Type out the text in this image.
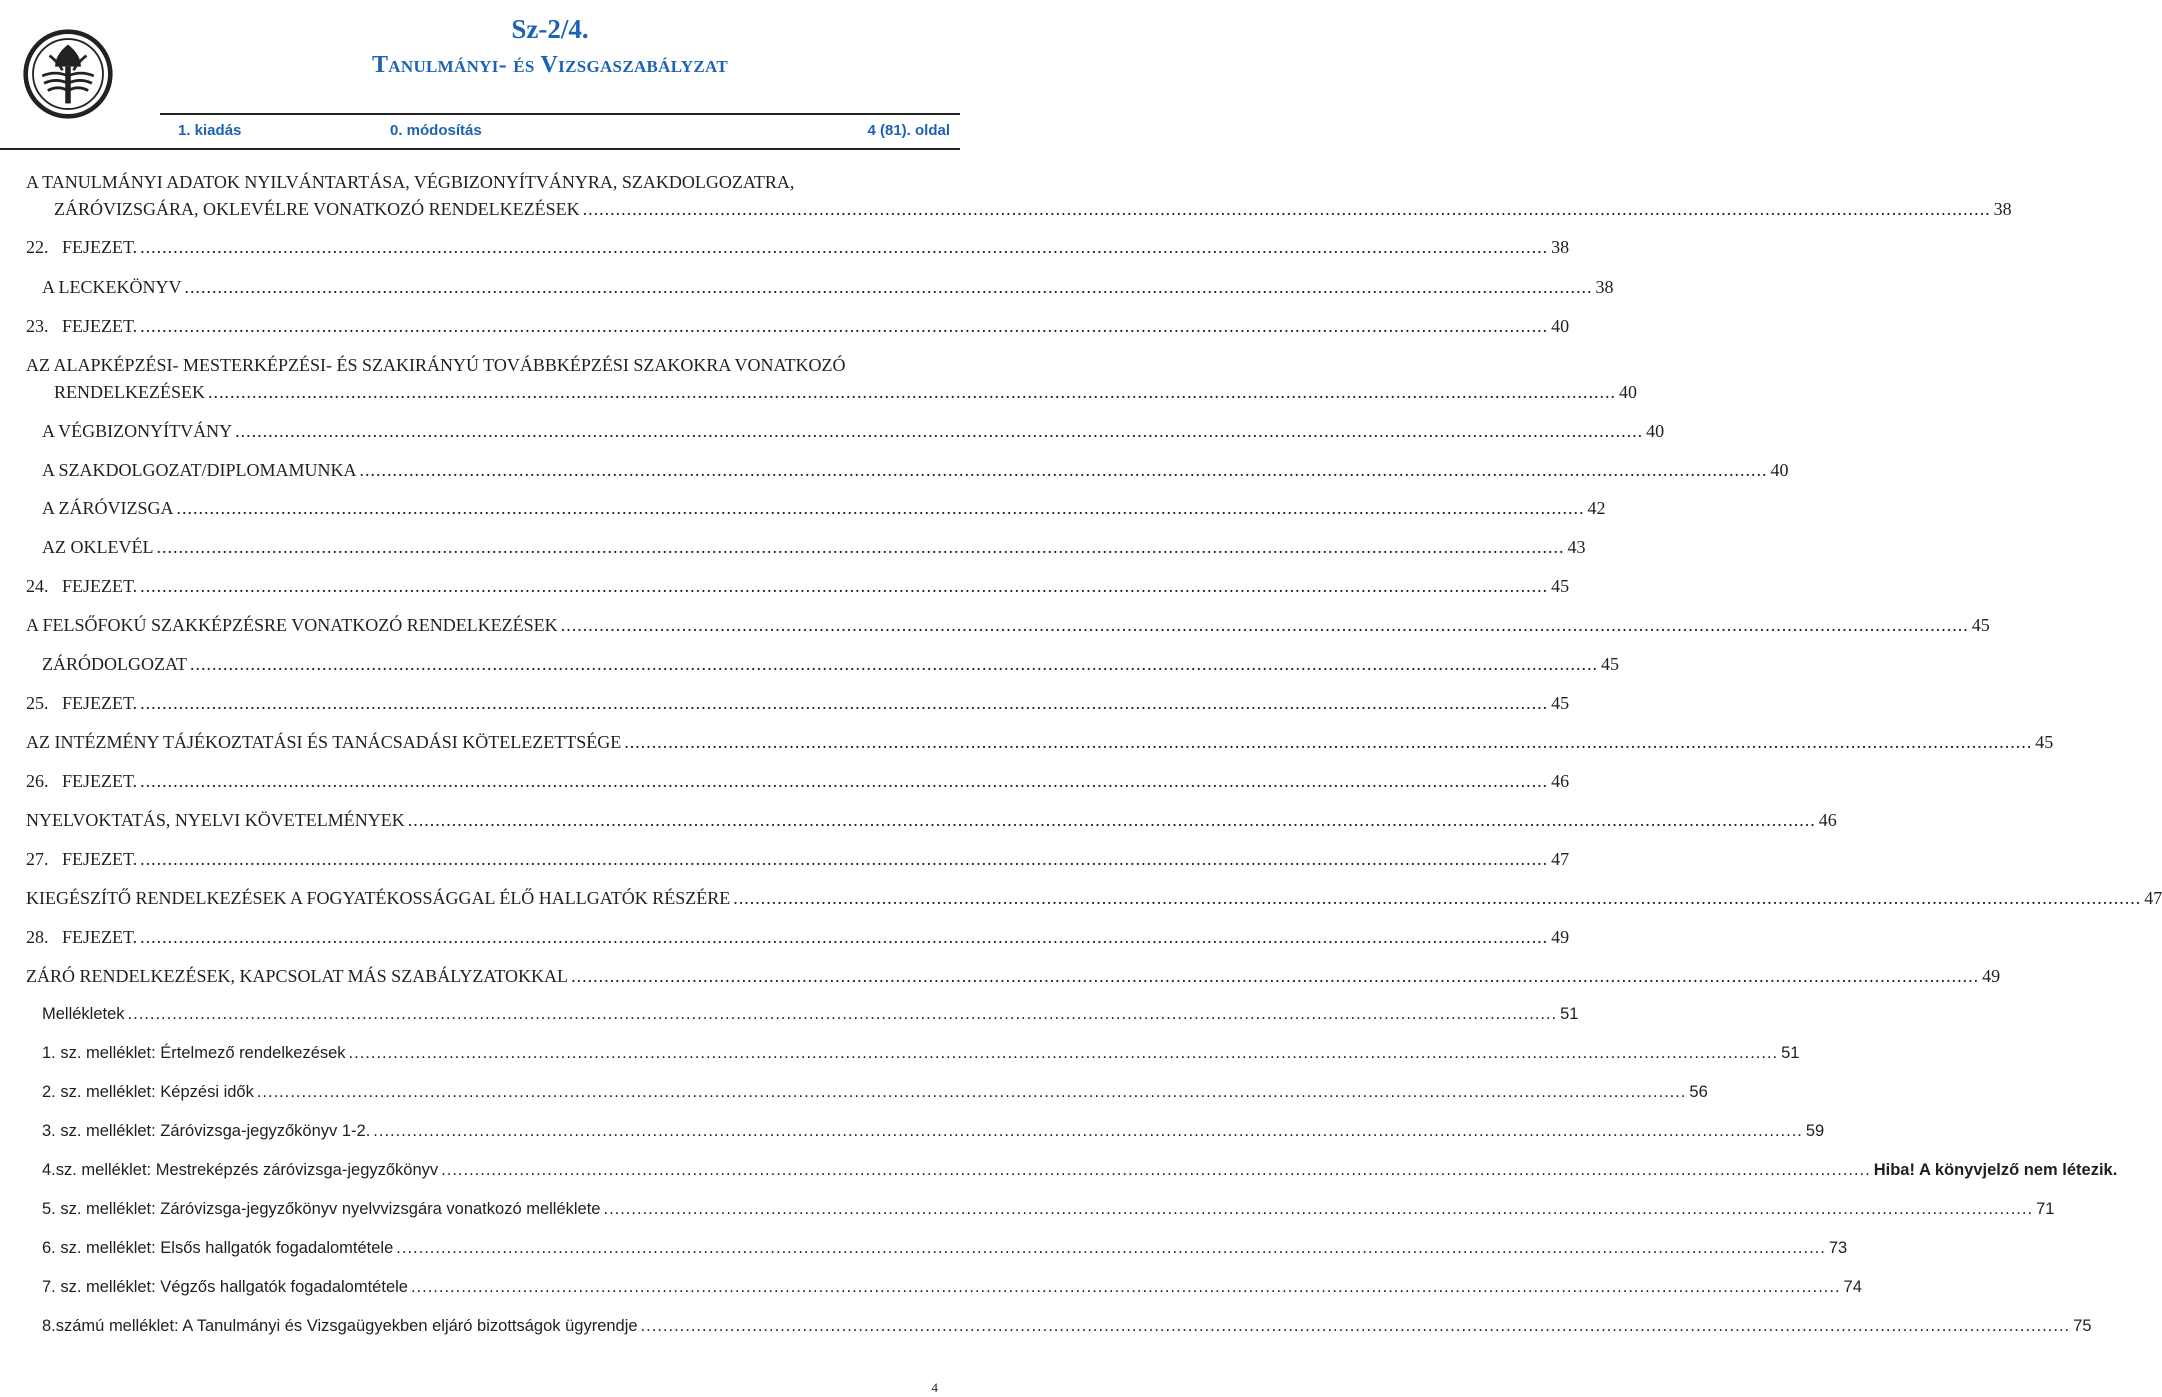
Sz-2/4.
Tanulmányi- és Vizsgaszabályzat
1. kiadás	0. módosítás	4 (81). oldal
A TANULMÁNYI ADATOK NYILVÁNTARTÁSA, VÉGBIZONYÍTVÁNYRA, SZAKDOLGOZATRA,
ZÁRÓVIZSGÁRA, OKLEVÉLRE VONATKOZÓ RENDELKEZÉSEK .....	38
22.   FEJEZET. .....	38
A LECKEKÖNYV .....	38
23.   FEJEZET. .....	40
AZ ALAPKÉPZÉSI- MESTERKÉPZÉSI- ÉS SZAKIRÁNYÚ TOVÁBBKÉPZÉSI SZAKOKRA VONATKOZÓ
RENDELKEZÉSEK .....	40
A VÉGBIZONYÍTVÁNY .....	40
A SZAKDOLGOZAT/DIPLOMAMUNKA .....	40
A ZÁRÓVIZSGA .....	42
AZ OKLEVÉL .....	43
24.   FEJEZET. .....	45
A FELSŐFOKÚ SZAKKÉPZÉSRE VONATKOZÓ RENDELKEZÉSEK .....	45
ZÁRÓDOLGOZAT .....	45
25.   FEJEZET. .....	45
AZ INTÉZMÉNY TÁJÉKOZTATÁSI ÉS TANÁCSADÁSI KÖTELEZETTSÉGE .....	45
26.   FEJEZET. .....	46
NYELVOKTATÁS, NYELVI KÖVETELMÉNYEK .....	46
27.   FEJEZET. .....	47
KIEGÉSZÍTŐ RENDELKEZÉSEK A FOGYATÉKOSSÁGGAL ÉLŐ HALLGATÓK RÉSZÉRE .....	47
28.   FEJEZET. .....	49
ZÁRÓ RENDELKEZÉSEK, KAPCSOLAT MÁS SZABÁLYZATOKKAL .....	49
Mellékletek .....	51
1. sz. melléklet: Értelmező rendelkezések .....	51
2. sz. melléklet: Képzési idők .....	56
3. sz. melléklet: Záróvizsga-jegyzőkönyv 1-2. .....	59
4.sz. melléklet: Mestreképzés záróvizsga-jegyzőkönyv .....	Hiba! A könyvjelző nem létezik.
5. sz. melléklet: Záróvizsga-jegyzőkönyv nyelvvizsgára vonatkozó melléklete .....	71
6. sz. melléklet: Elsős hallgatók fogadalomtétele .....	73
7. sz. melléklet: Végzős hallgatók fogadalomtétele .....	74
8.számú melléklet: A Tanulmányi és Vizsgaügyekben eljáró bizottságok ügyrendje .....	75
4
